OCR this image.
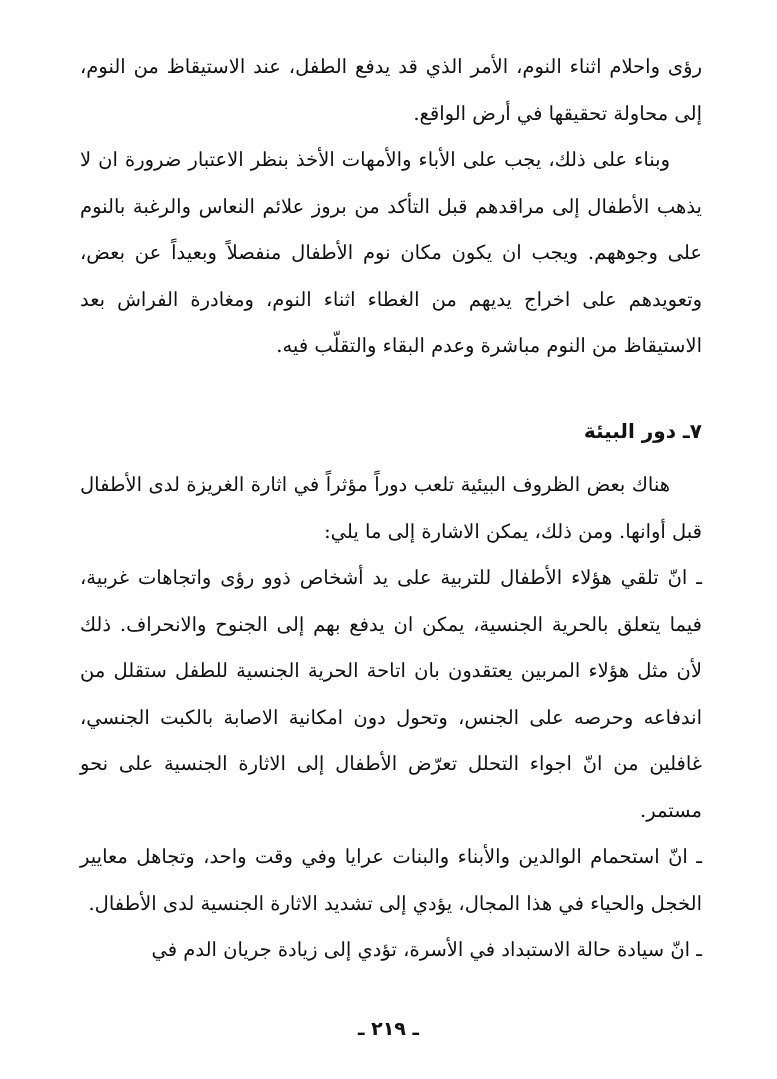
رؤى واحلام اثناء النوم، الأمر الذي قد يدفع الطفل، عند الاستيقاظ من النوم، إلى محاولة تحقيقها في أرض الواقع.

وبناء على ذلك، يجب على الأباء والأمهات الأخذ بنظر الاعتبار ضرورة ان لا يذهب الأطفال إلى مراقدهم قبل التأكد من بروز علائم النعاس والرغبة بالنوم على وجوههم. ويجب ان يكون مكان نوم الأطفال منفصلاً وبعيداً عن بعض، وتعويدهم على اخراج يديهم من الغطاء اثناء النوم، ومغادرة الفراش بعد الاستيقاظ من النوم مباشرة وعدم البقاء والتقلّب فيه.

٧ـ دور البيئة

هناك بعض الظروف البيئية تلعب دوراً مؤثراً في اثارة الغريزة لدى الأطفال قبل أوانها. ومن ذلك، يمكن الاشارة إلى ما يلي:

ـ انّ تلقي هؤلاء الأطفال للتربية على يد أشخاص ذوو رؤى واتجاهات غربية، فيما يتعلق بالحرية الجنسية، يمكن ان يدفع بهم إلى الجنوح والانحراف. ذلك لأن مثل هؤلاء المربين يعتقدون بان اتاحة الحرية الجنسية للطفل ستقلل من اندفاعه وحرصه على الجنس، وتحول دون امكانية الاصابة بالكبت الجنسي، غافلين من انّ اجواء التحلل تعرّض الأطفال إلى الاثارة الجنسية على نحو مستمر.

ـ انّ استحمام الوالدين والأبناء والبنات عرايا وفي وقت واحد، وتجاهل معايير الخجل والحياء في هذا المجال، يؤدي إلى تشديد الاثارة الجنسية لدى الأطفال.

ـ انّ سيادة حالة الاستبداد في الأسرة، تؤدي إلى زيادة جريان الدم في

ـ ٢١٩ ـ
